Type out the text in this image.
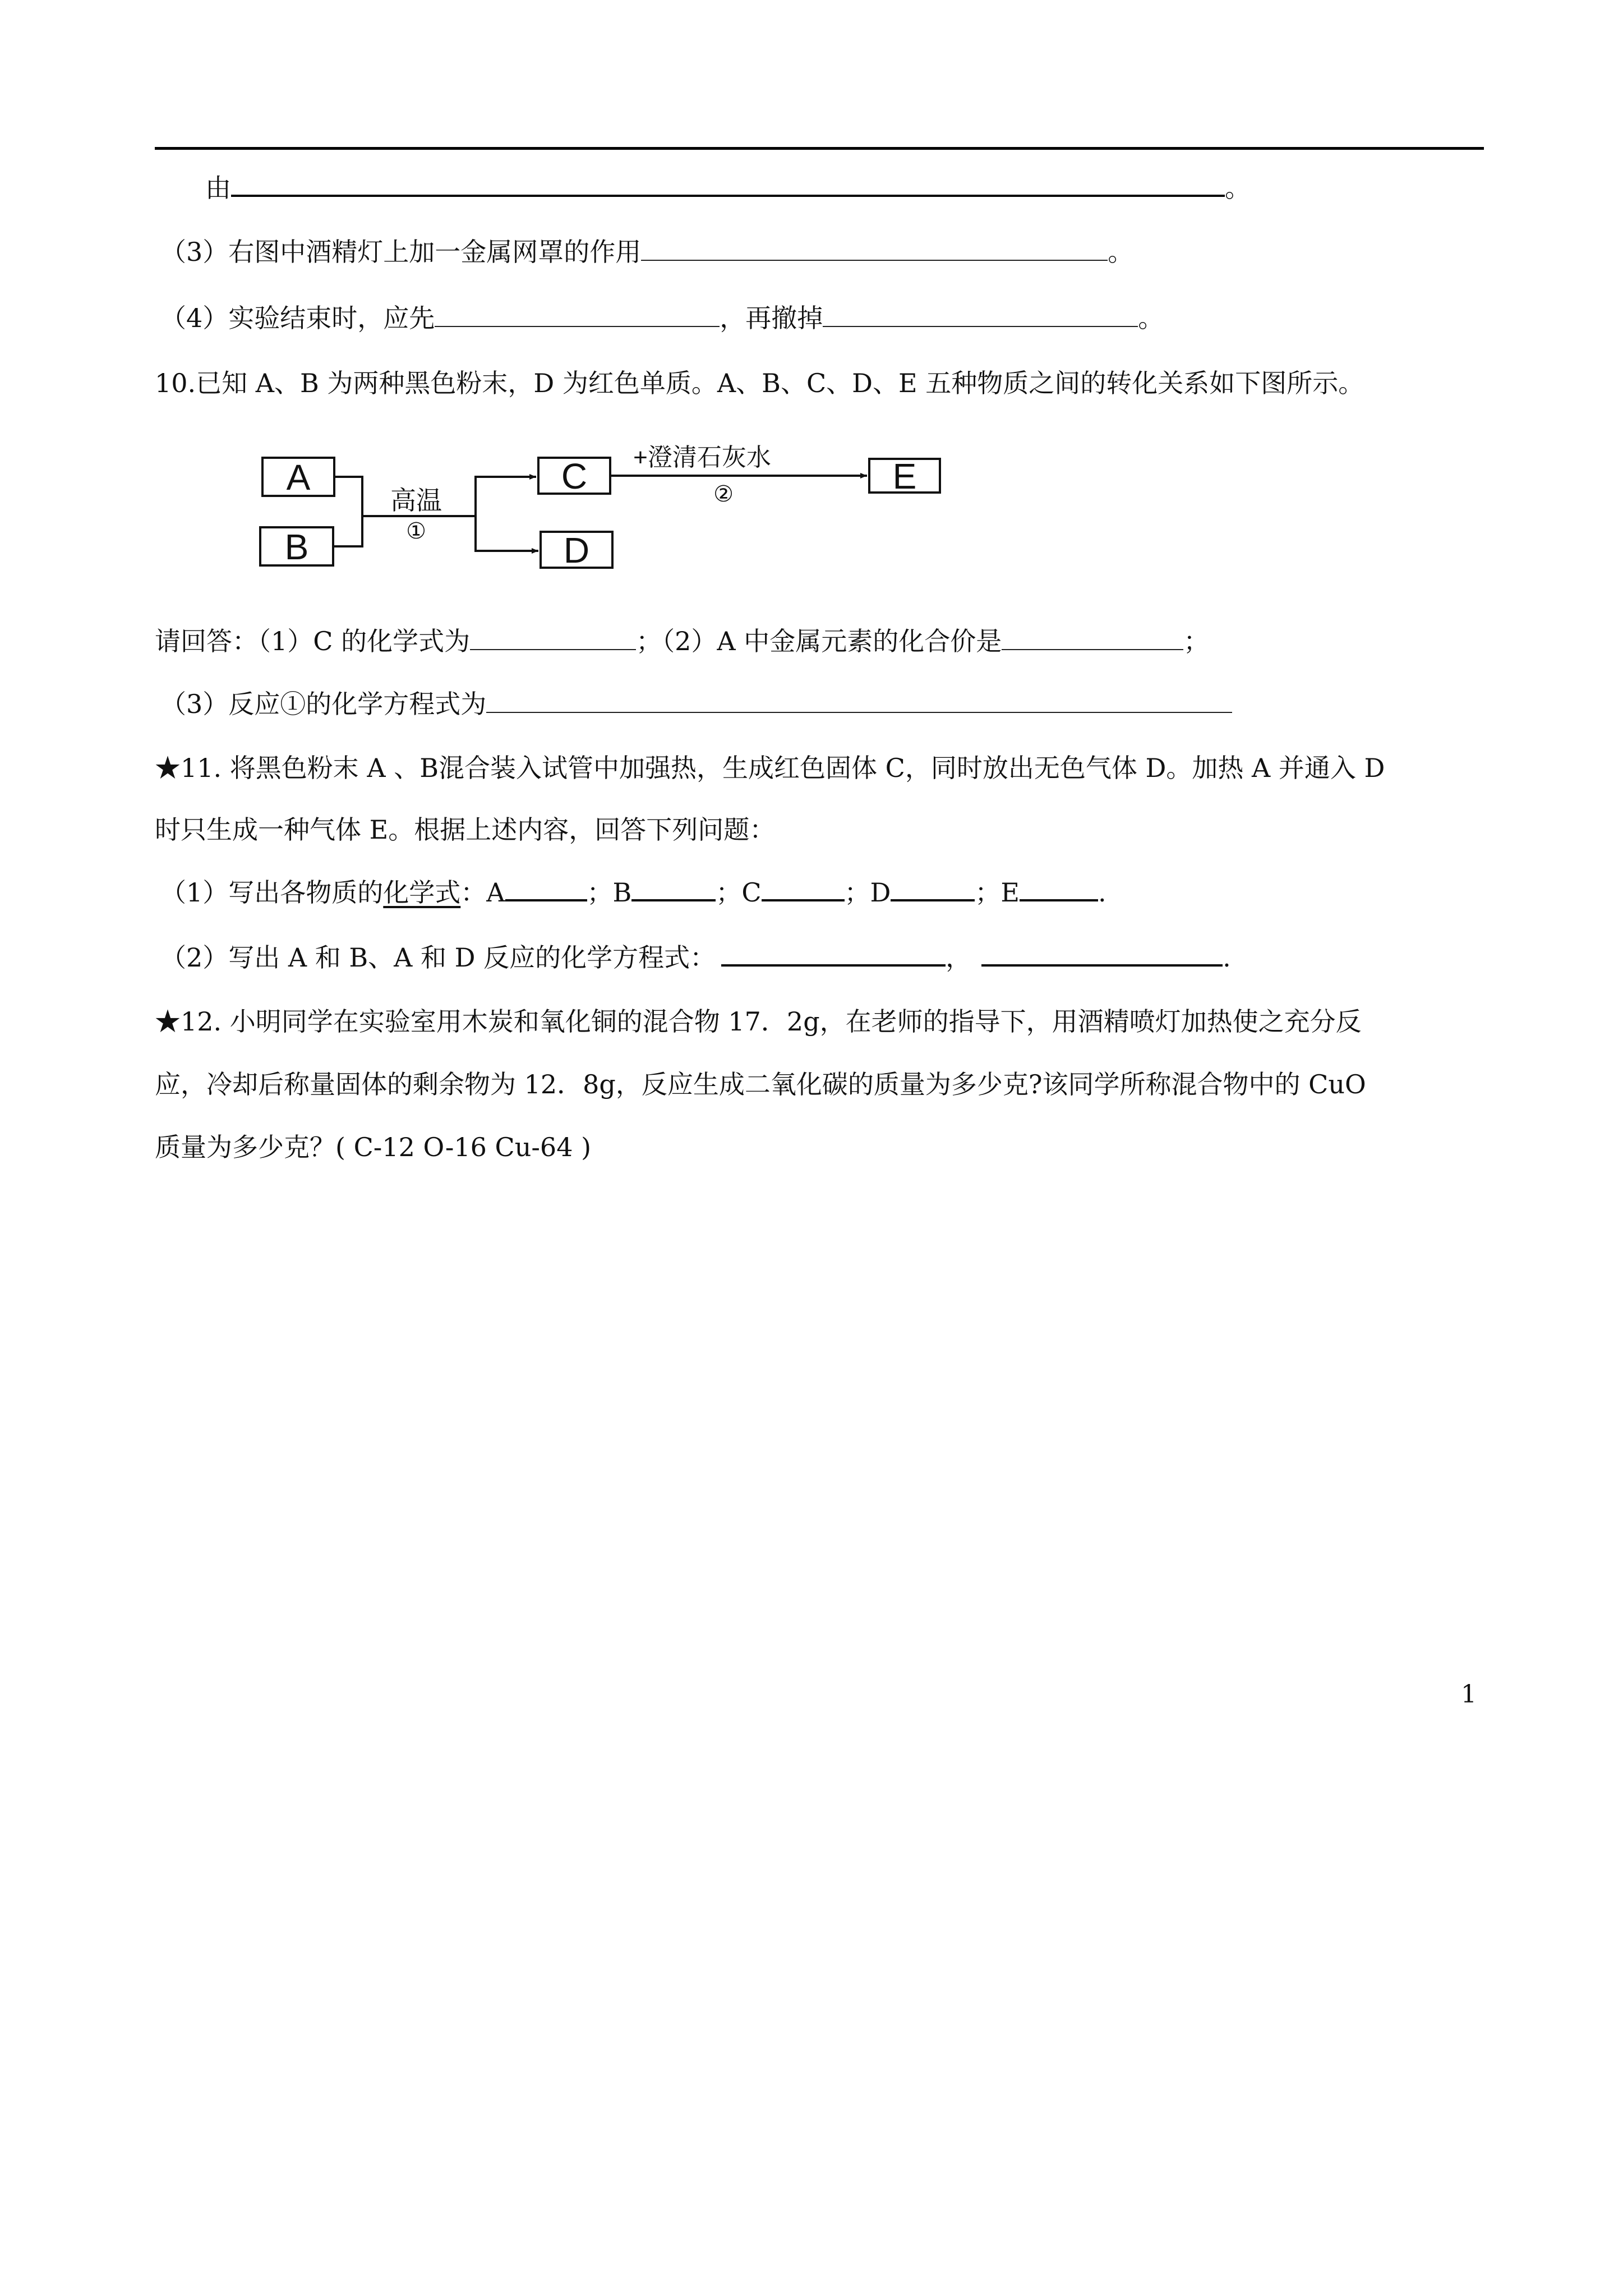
由	。
（3）右图中酒精灯上加一金属网罩的作用	。
（4）实验结束时，应先	，再撤掉	。
10.已知 A、B 为两种黑色粉末，D 为红色单质。A、B、C、D、E 五种物质之间的转化关系如下图所示。
A
B
C
D
E
高温
①
+澄清石灰水
②
请回答：（1）C 的化学式为	；（2）A 中金属元素的化合价是	；
（3）反应①的化学方程式为
★11. 将黑色粉末 A 、B混合装入试管中加强热，生成红色固体 C，同时放出无色气体 D。加热 A 并通入 D
时只生成一种气体 E。根据上述内容，回答下列问题：
（1）写出各物质的化学式：A	；B	；C	；D	；E	.
（2）写出 A 和 B、A 和 D 反应的化学方程式：	，	.
★12. 小明同学在实验室用木炭和氧化铜的混合物 17．2g，在老师的指导下，用酒精喷灯加热使之充分反
应，冷却后称量固体的剩余物为 12．8g，反应生成二氧化碳的质量为多少克?该同学所称混合物中的 CuO
质量为多少克？( C-12 O-16 Cu-64 )
1
